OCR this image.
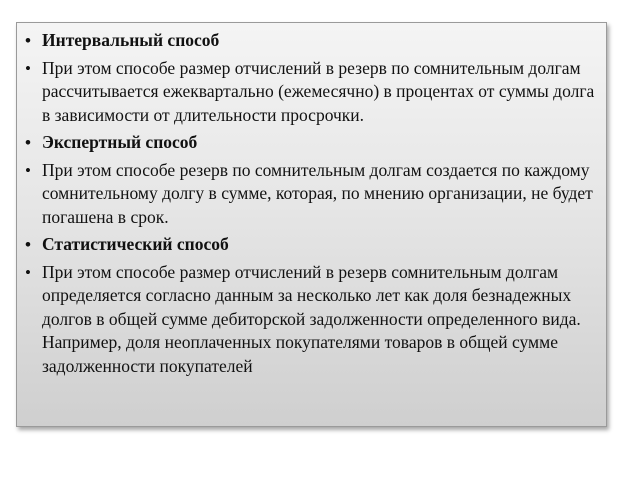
• Интервальный способ
• При этом способе размер отчислений в резерв по сомнительным долгам рассчитывается ежеквартально (ежемесячно) в процентах от суммы долга в зависимости от длительности просрочки.
• Экспертный способ
• При этом способе резерв по сомнительным долгам создается по каждому сомнительному долгу в сумме, которая, по мнению организации, не будет погашена в срок.
• Статистический способ
• При этом способе размер отчислений в резерв сомнительным долгам определяется согласно данным за несколько лет как доля безнадежных долгов в общей сумме дебиторской задолженности определенного вида. Например, доля неоплаченных покупателями товаров в общей сумме задолженности покупателей
